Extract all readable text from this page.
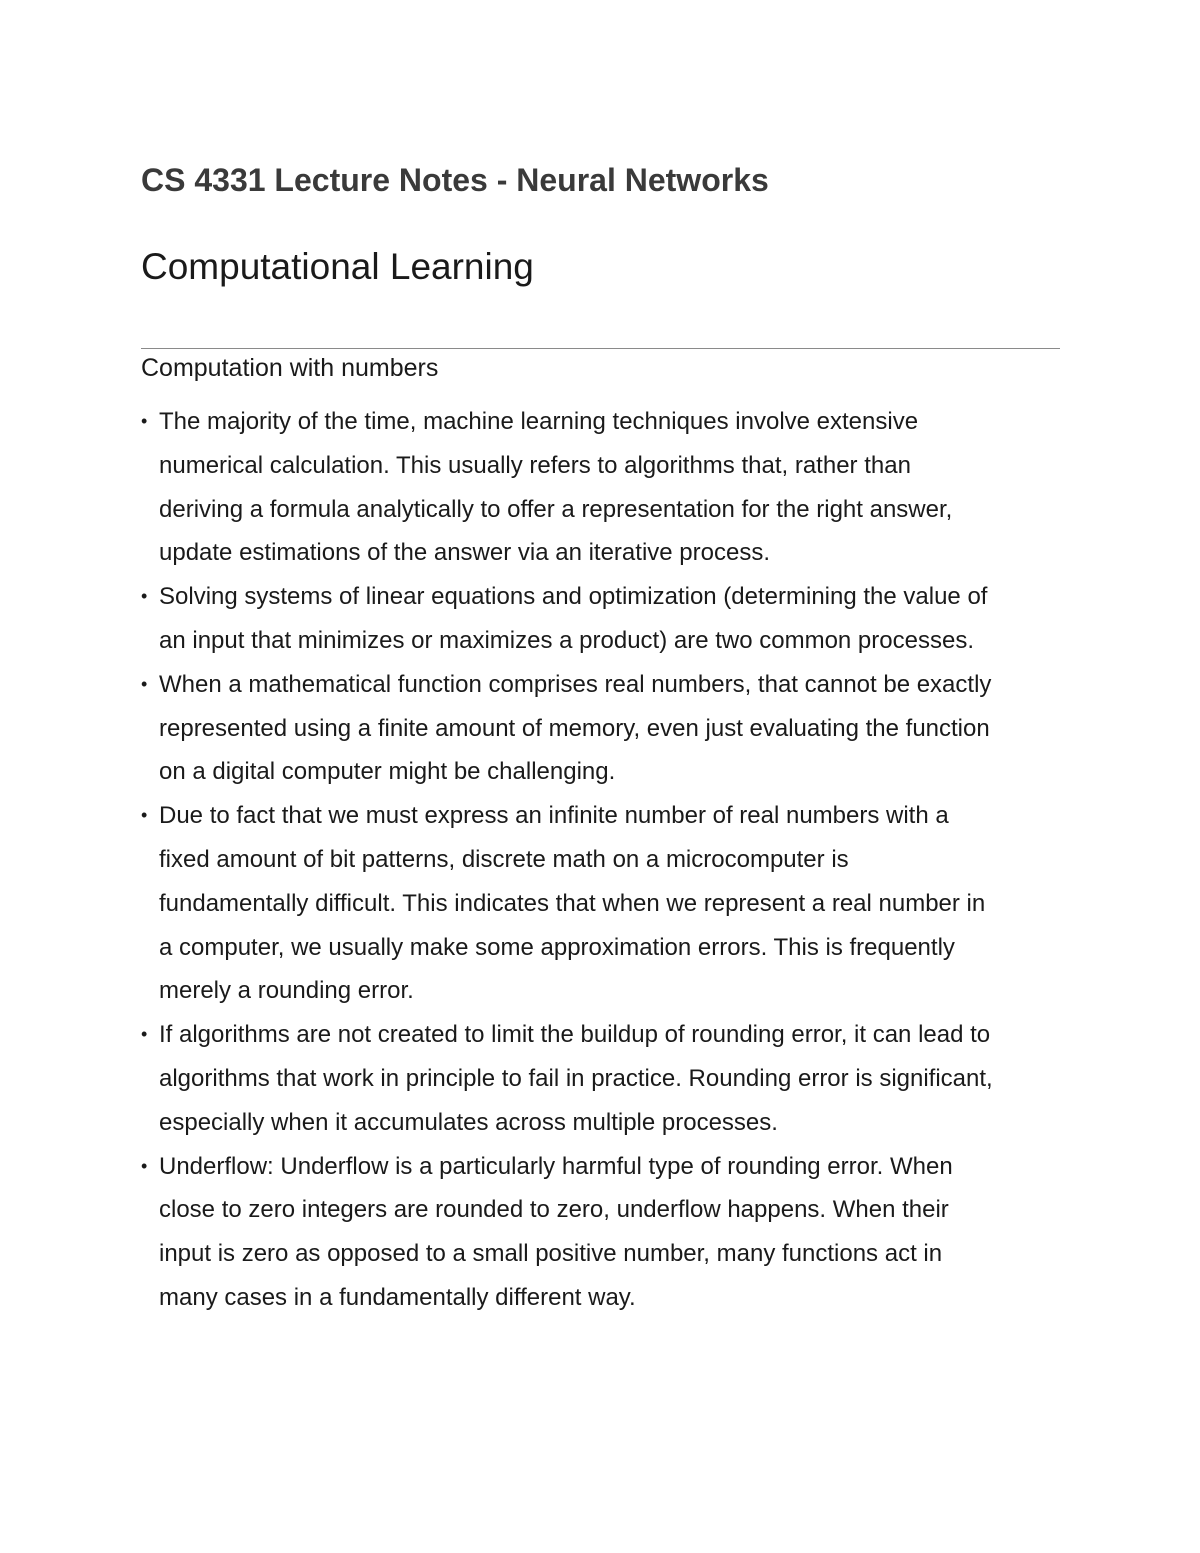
CS 4331 Lecture Notes - Neural Networks
Computational Learning
Computation with numbers
• The majority of the time, machine learning techniques involve extensive
numerical calculation. This usually refers to algorithms that, rather than
deriving a formula analytically to offer a representation for the right answer,
update estimations of the answer via an iterative process.
• Solving systems of linear equations and optimization (determining the value of
an input that minimizes or maximizes a product) are two common processes.
• When a mathematical function comprises real numbers, that cannot be exactly
represented using a finite amount of memory, even just evaluating the function
on a digital computer might be challenging.
• Due to fact that we must express an infinite number of real numbers with a
fixed amount of bit patterns, discrete math on a microcomputer is
fundamentally difficult. This indicates that when we represent a real number in
a computer, we usually make some approximation errors. This is frequently
merely a rounding error.
• If algorithms are not created to limit the buildup of rounding error, it can lead to
algorithms that work in principle to fail in practice. Rounding error is significant,
especially when it accumulates across multiple processes.
• Underflow: Underflow is a particularly harmful type of rounding error. When
close to zero integers are rounded to zero, underflow happens. When their
input is zero as opposed to a small positive number, many functions act in
many cases in a fundamentally different way.
